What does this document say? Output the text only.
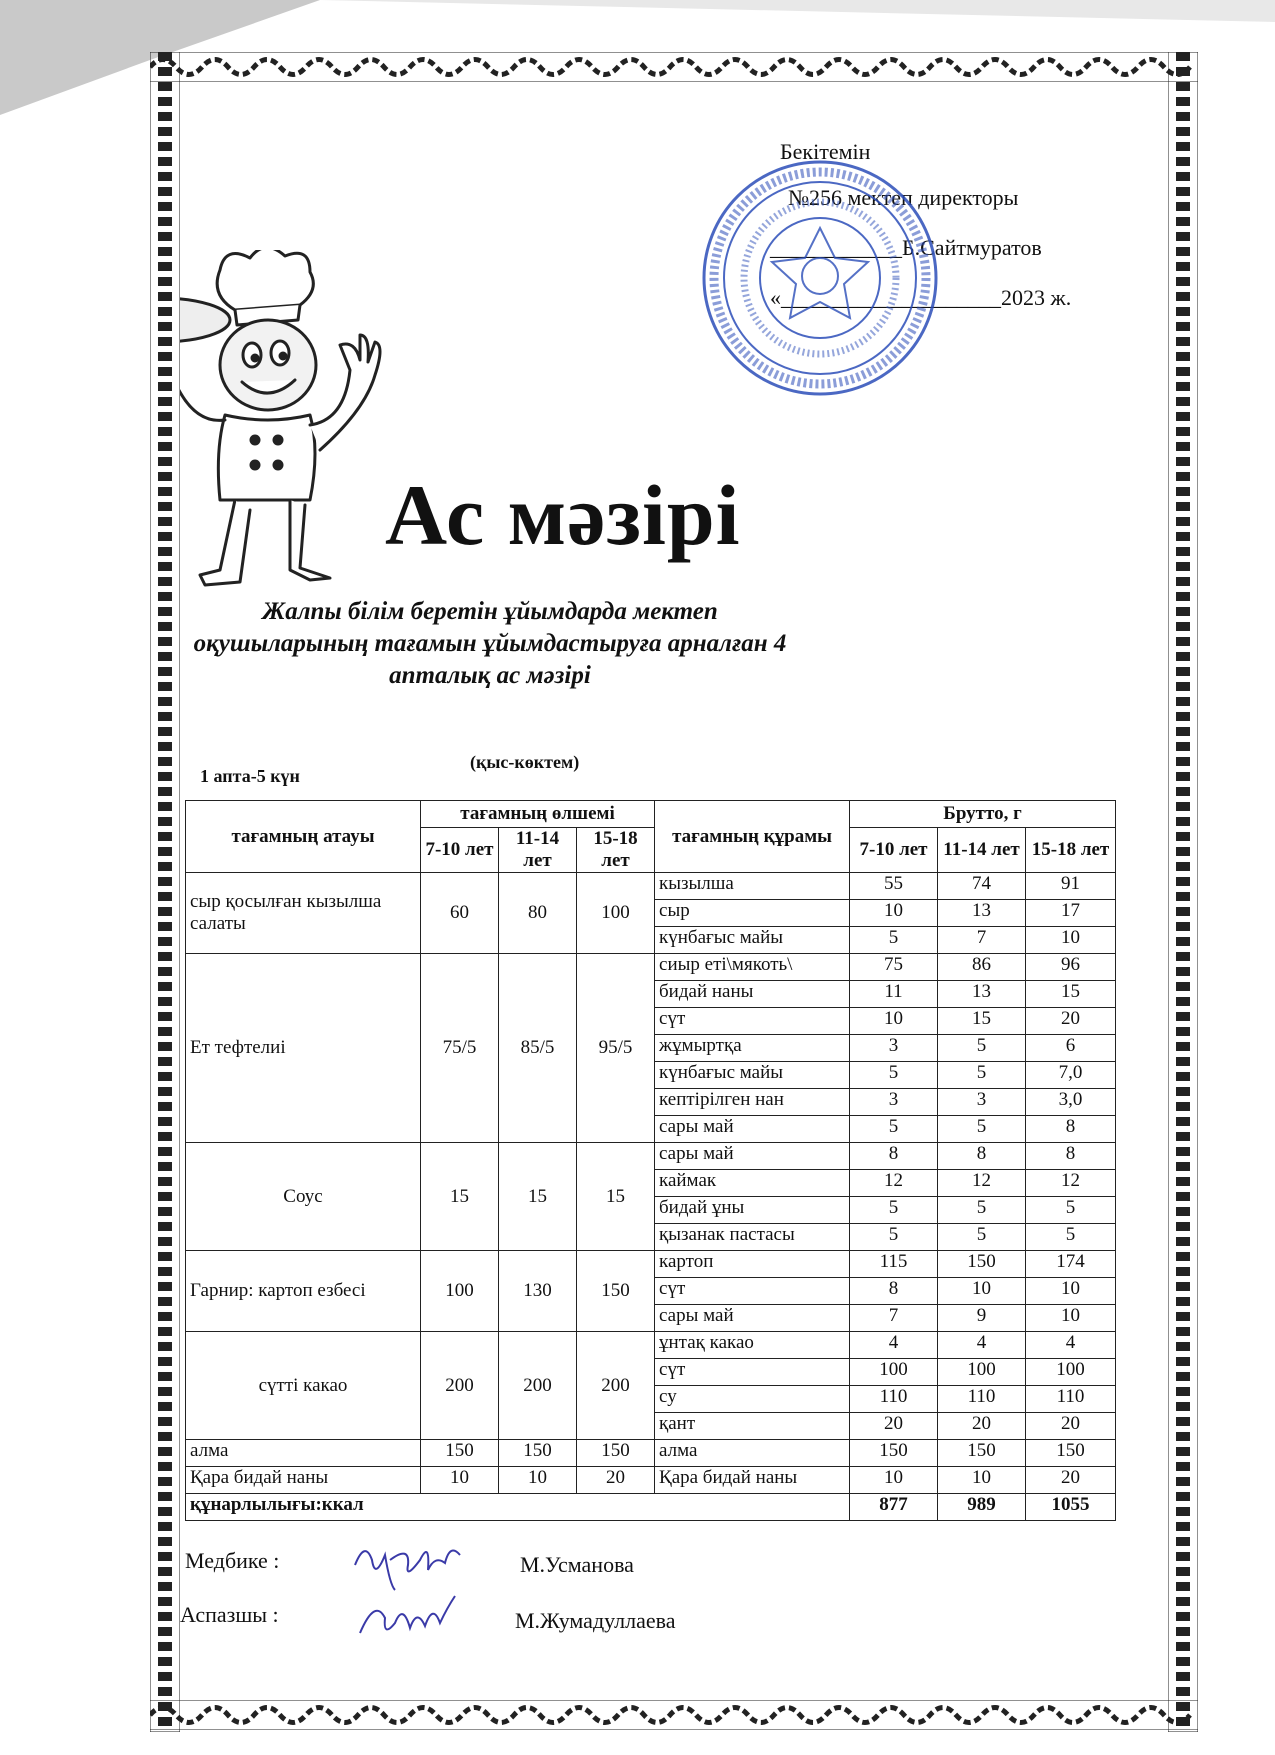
Бекітемін
№256 мектеп директоры
____________Б.Сайтмуратов
«____________________2023 ж.
Ас мәзірі
Жалпы білім беретін ұйымдарда мектеп оқушыларының тағамын ұйымдастыруға арналған 4 апталық ас мәзірі
(қыс-көктем)
1 апта-5 күн
тағамның атауы	тағамның өлшемі			тағамның құрамы	Брутто, г		
	7-10 лет	11-14 лет	15-18 лет		7-10 лет	11-14 лет	15-18 лет
сыр қосылған кызылша салаты	60	80	100	кызылша	55	74	91
				сыр	10	13	17
				күнбағыс майы	5	7	10
Ет тефтелиі	75/5	85/5	95/5	сиыр еті\мякоть\	75	86	96
				бидай наны	11	13	15
				сүт	10	15	20
				жұмыртқа	3	5	6
				күнбағыс майы	5	5	7,0
				кептірілген нан	3	3	3,0
				сары май	5	5	8
Соус	15	15	15	сары май	8	8	8
				каймак	12	12	12
				бидай ұны	5	5	5
				қызанак пастасы	5	5	5
Гарнир: картоп езбесі	100	130	150	картоп	115	150	174
				сүт	8	10	10
				сары май	7	9	10
сүтті какао	200	200	200	ұнтақ какао	4	4	4
				сүт	100	100	100
				су	110	110	110
				қант	20	20	20
алма	150	150	150	алма	150	150	150
Қара бидай наны	10	10	20	Қара бидай наны	10	10	20
құнарлылығы:ккал					877	989	1055
Медбике :	М.Усманова
Аспазшы :	М.Жумадуллаева
